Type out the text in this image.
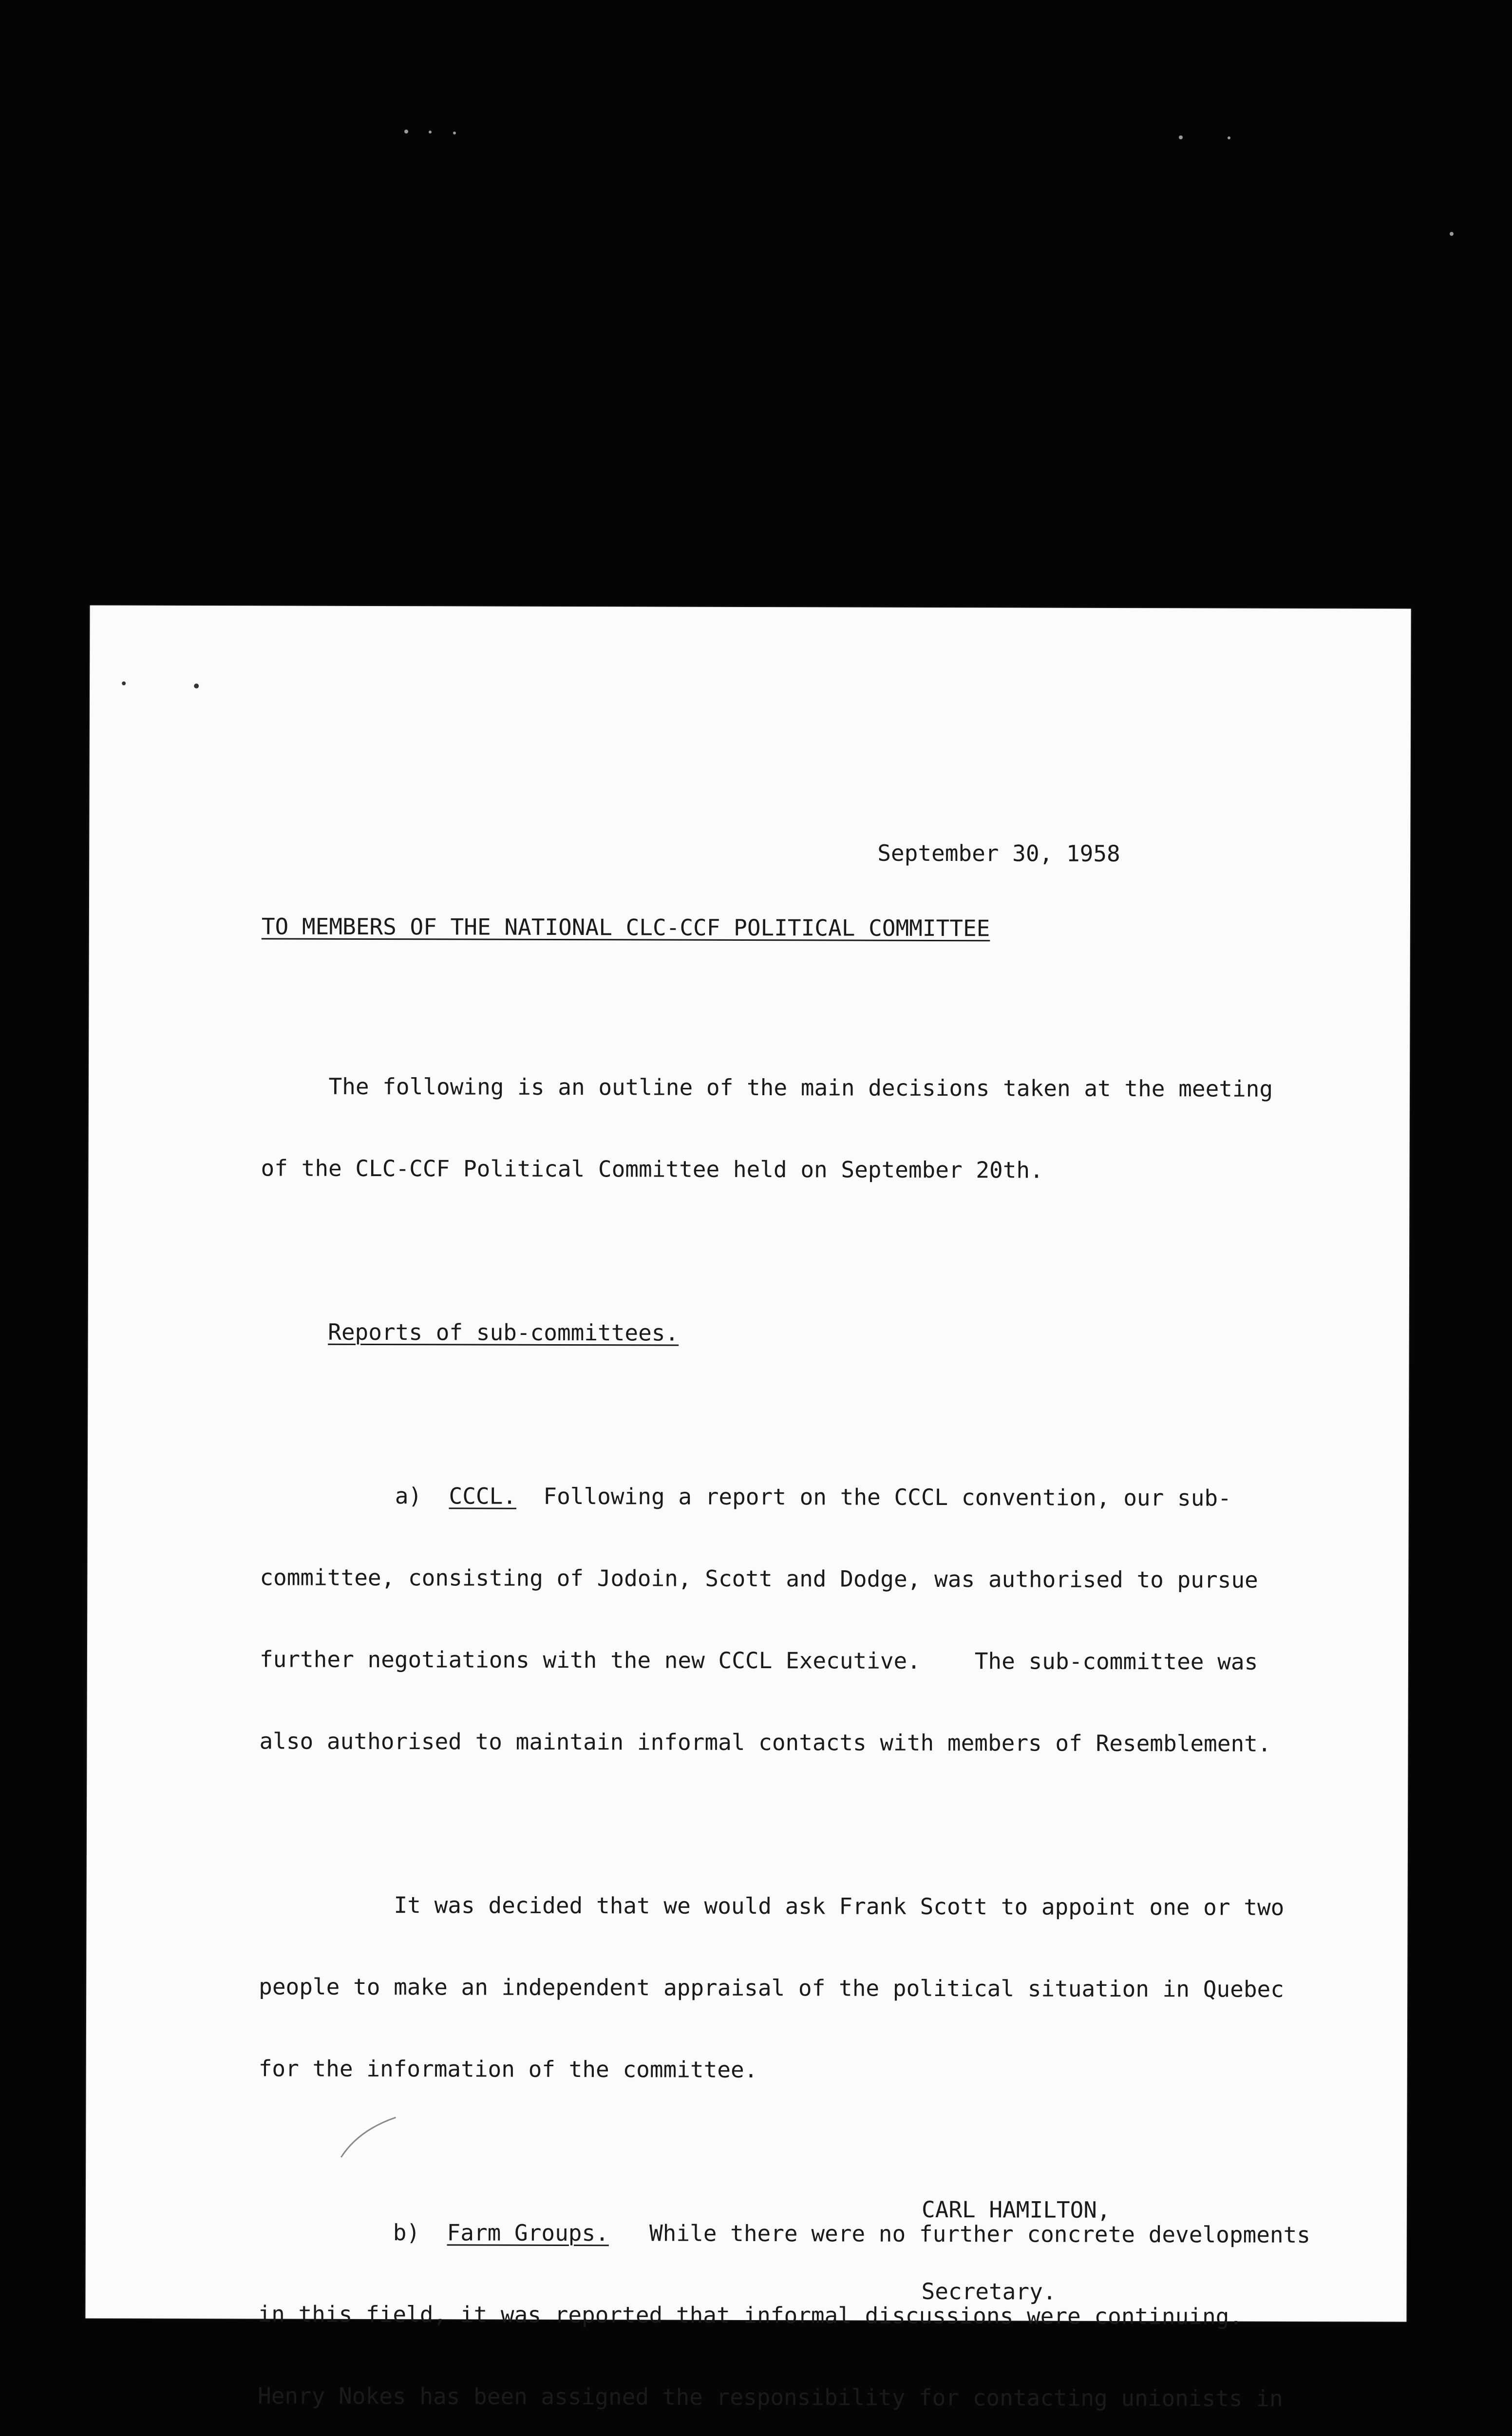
September 30, 1958
TO MEMBERS OF THE NATIONAL CLC-CCF POLITICAL COMMITTEE

The following is an outline of the main decisions taken at the meeting

of the CLC-CCF Political Committee held on September 20th.

Reports of sub-committees.

a)  CCCL.  Following a report on the CCCL convention, our sub-

committee, consisting of Jodoin, Scott and Dodge, was authorised to pursue

further negotiations with the new CCCL Executive.    The sub-committee was

also authorised to maintain informal contacts with members of Resemblement.

It was decided that we would ask Frank Scott to appoint one or two

people to make an independent appraisal of the political situation in Quebec

for the information of the committee.

b)  Farm Groups.   While there were no further concrete developments

in this field, it was reported that informal discussions were continuing.

Henry Nokes has been assigned the responsibility for contacting unionists in

CARL HAMILTON,

Secretary.
